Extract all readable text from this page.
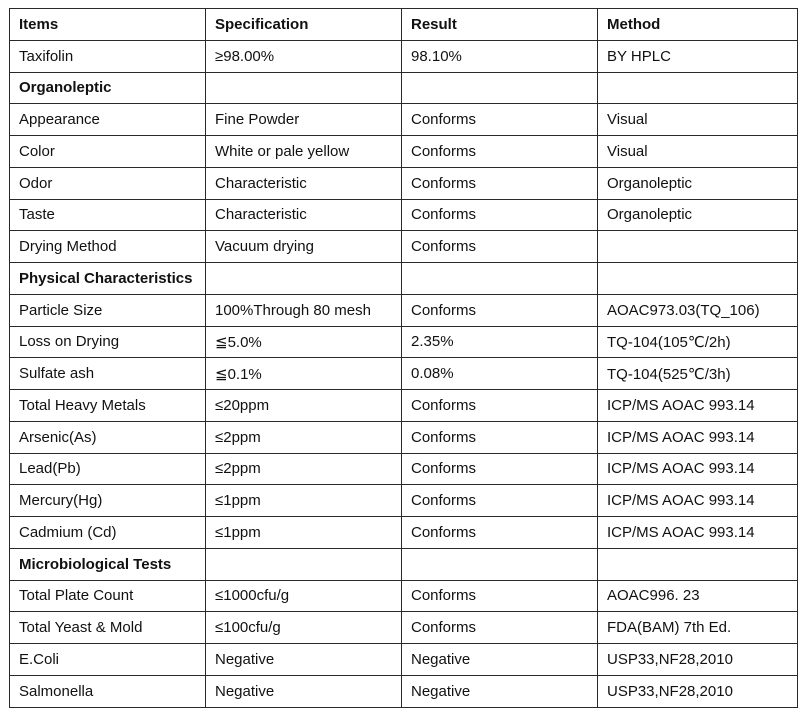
Items	Specification	Result	Method
Taxifolin	≥98.00%	98.10%	BY HPLC
Organoleptic			
Appearance	Fine Powder	Conforms	Visual
Color	White or pale yellow	Conforms	Visual
Odor	Characteristic	Conforms	Organoleptic
Taste	Characteristic	Conforms	Organoleptic
Drying Method	Vacuum drying	Conforms	
Physical Characteristics			
Particle Size	100%Through 80 mesh	Conforms	AOAC973.03(TQ_106)
Loss on Drying	≦5.0%	2.35%	TQ-104(105℃/2h)
Sulfate ash	≦0.1%	0.08%	TQ-104(525℃/3h)
Total Heavy Metals	≤20ppm	Conforms	ICP/MS AOAC 993.14
Arsenic(As)	≤2ppm	Conforms	ICP/MS AOAC 993.14
Lead(Pb)	≤2ppm	Conforms	ICP/MS AOAC 993.14
Mercury(Hg)	≤1ppm	Conforms	ICP/MS AOAC 993.14
Cadmium (Cd)	≤1ppm	Conforms	ICP/MS AOAC 993.14
Microbiological Tests			
Total Plate Count	≤1000cfu/g	Conforms	AOAC996. 23
Total Yeast & Mold	≤100cfu/g	Conforms	FDA(BAM) 7th Ed.
E.Coli	Negative	Negative	USP33,NF28,2010
Salmonella	Negative	Negative	USP33,NF28,2010
